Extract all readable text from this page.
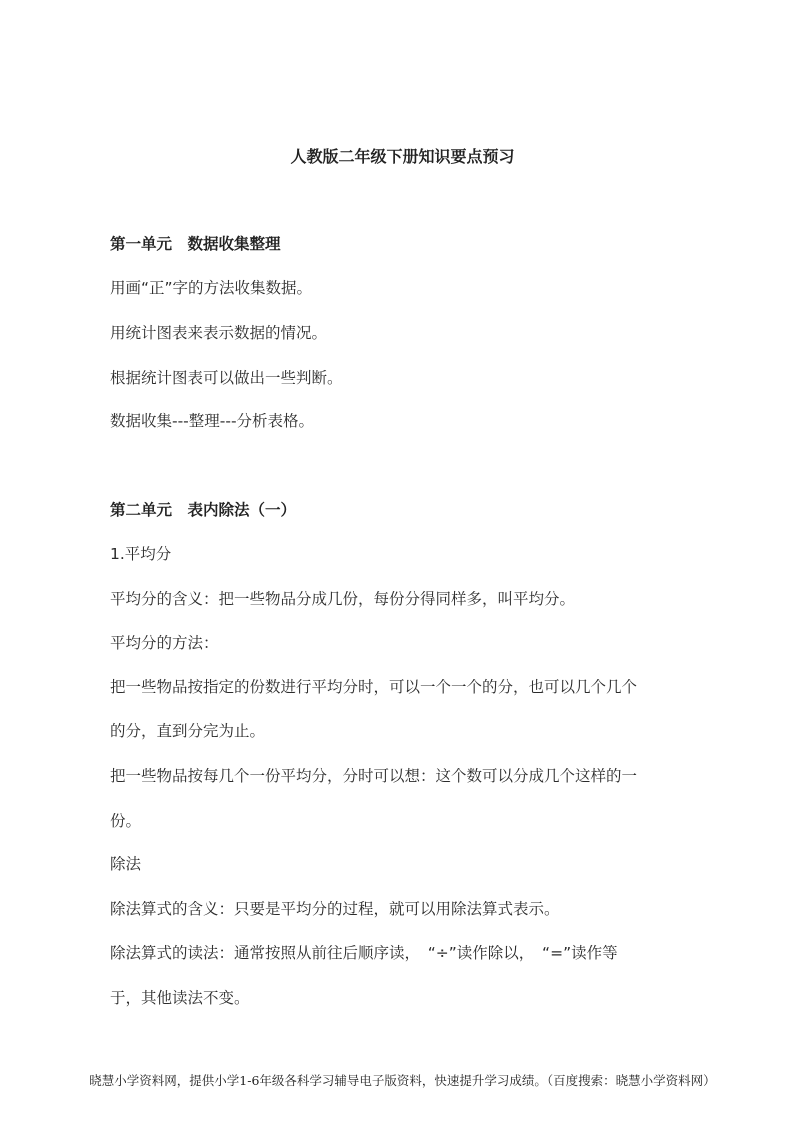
人教版二年级下册知识要点预习

第一单元　数据收集整理

用画“正”字的方法收集数据。

用统计图表来表示数据的情况。

根据统计图表可以做出一些判断。

数据收集---整理---分析表格。

第二单元　表内除法（一）

1.平均分

平均分的含义：把一些物品分成几份，每份分得同样多，叫平均分。

平均分的方法：

把一些物品按指定的份数进行平均分时，可以一个一个的分，也可以几个几个

的分，直到分完为止。

把一些物品按每几个一份平均分，分时可以想：这个数可以分成几个这样的一

份。

除法

除法算式的含义：只要是平均分的过程，就可以用除法算式表示。

除法算式的读法：通常按照从前往后顺序读，　“÷”读作除以，　“=”读作等

于，其他读法不变。

晓慧小学资料网，提供小学1-6年级各科学习辅导电子版资料，快速提升学习成绩。（百度搜索：晓慧小学资料网）
